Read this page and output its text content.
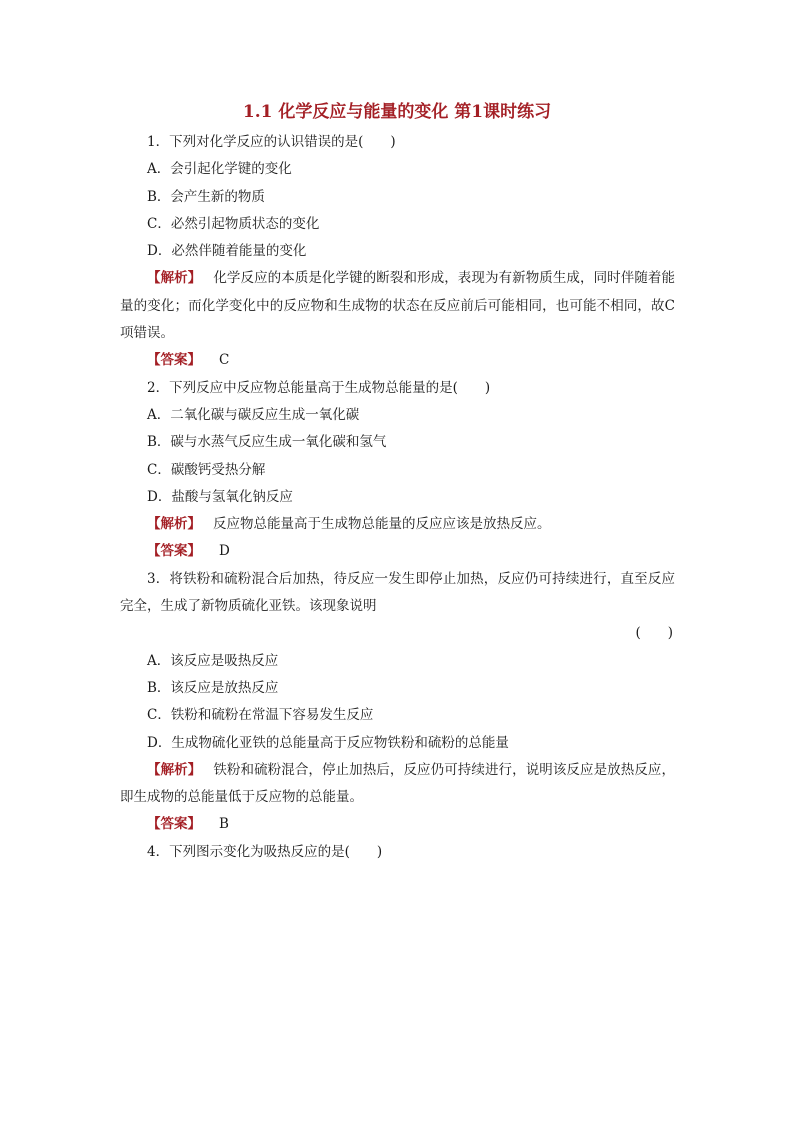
1.1 化学反应与能量的变化 第1课时练习
1．下列对化学反应的认识错误的是(　　)
A．会引起化学键的变化
B．会产生新的物质
C．必然引起物质状态的变化
D．必然伴随着能量的变化
【解析】 化学反应的本质是化学键的断裂和形成，表现为有新物质生成，同时伴随着能量的变化；而化学变化中的反应物和生成物的状态在反应前后可能相同，也可能不相同，故C项错误。
【答案】 C
2．下列反应中反应物总能量高于生成物总能量的是(　　)
A．二氧化碳与碳反应生成一氧化碳
B．碳与水蒸气反应生成一氧化碳和氢气
C．碳酸钙受热分解
D．盐酸与氢氧化钠反应
【解析】 反应物总能量高于生成物总能量的反应应该是放热反应。
【答案】 D
3．将铁粉和硫粉混合后加热，待反应一发生即停止加热，反应仍可持续进行，直至反应完全，生成了新物质硫化亚铁。该现象说明
(　　)
A．该反应是吸热反应
B．该反应是放热反应
C．铁粉和硫粉在常温下容易发生反应
D．生成物硫化亚铁的总能量高于反应物铁粉和硫粉的总能量
【解析】 铁粉和硫粉混合，停止加热后，反应仍可持续进行，说明该反应是放热反应，即生成物的总能量低于反应物的总能量。
【答案】 B
4．下列图示变化为吸热反应的是(　　)
